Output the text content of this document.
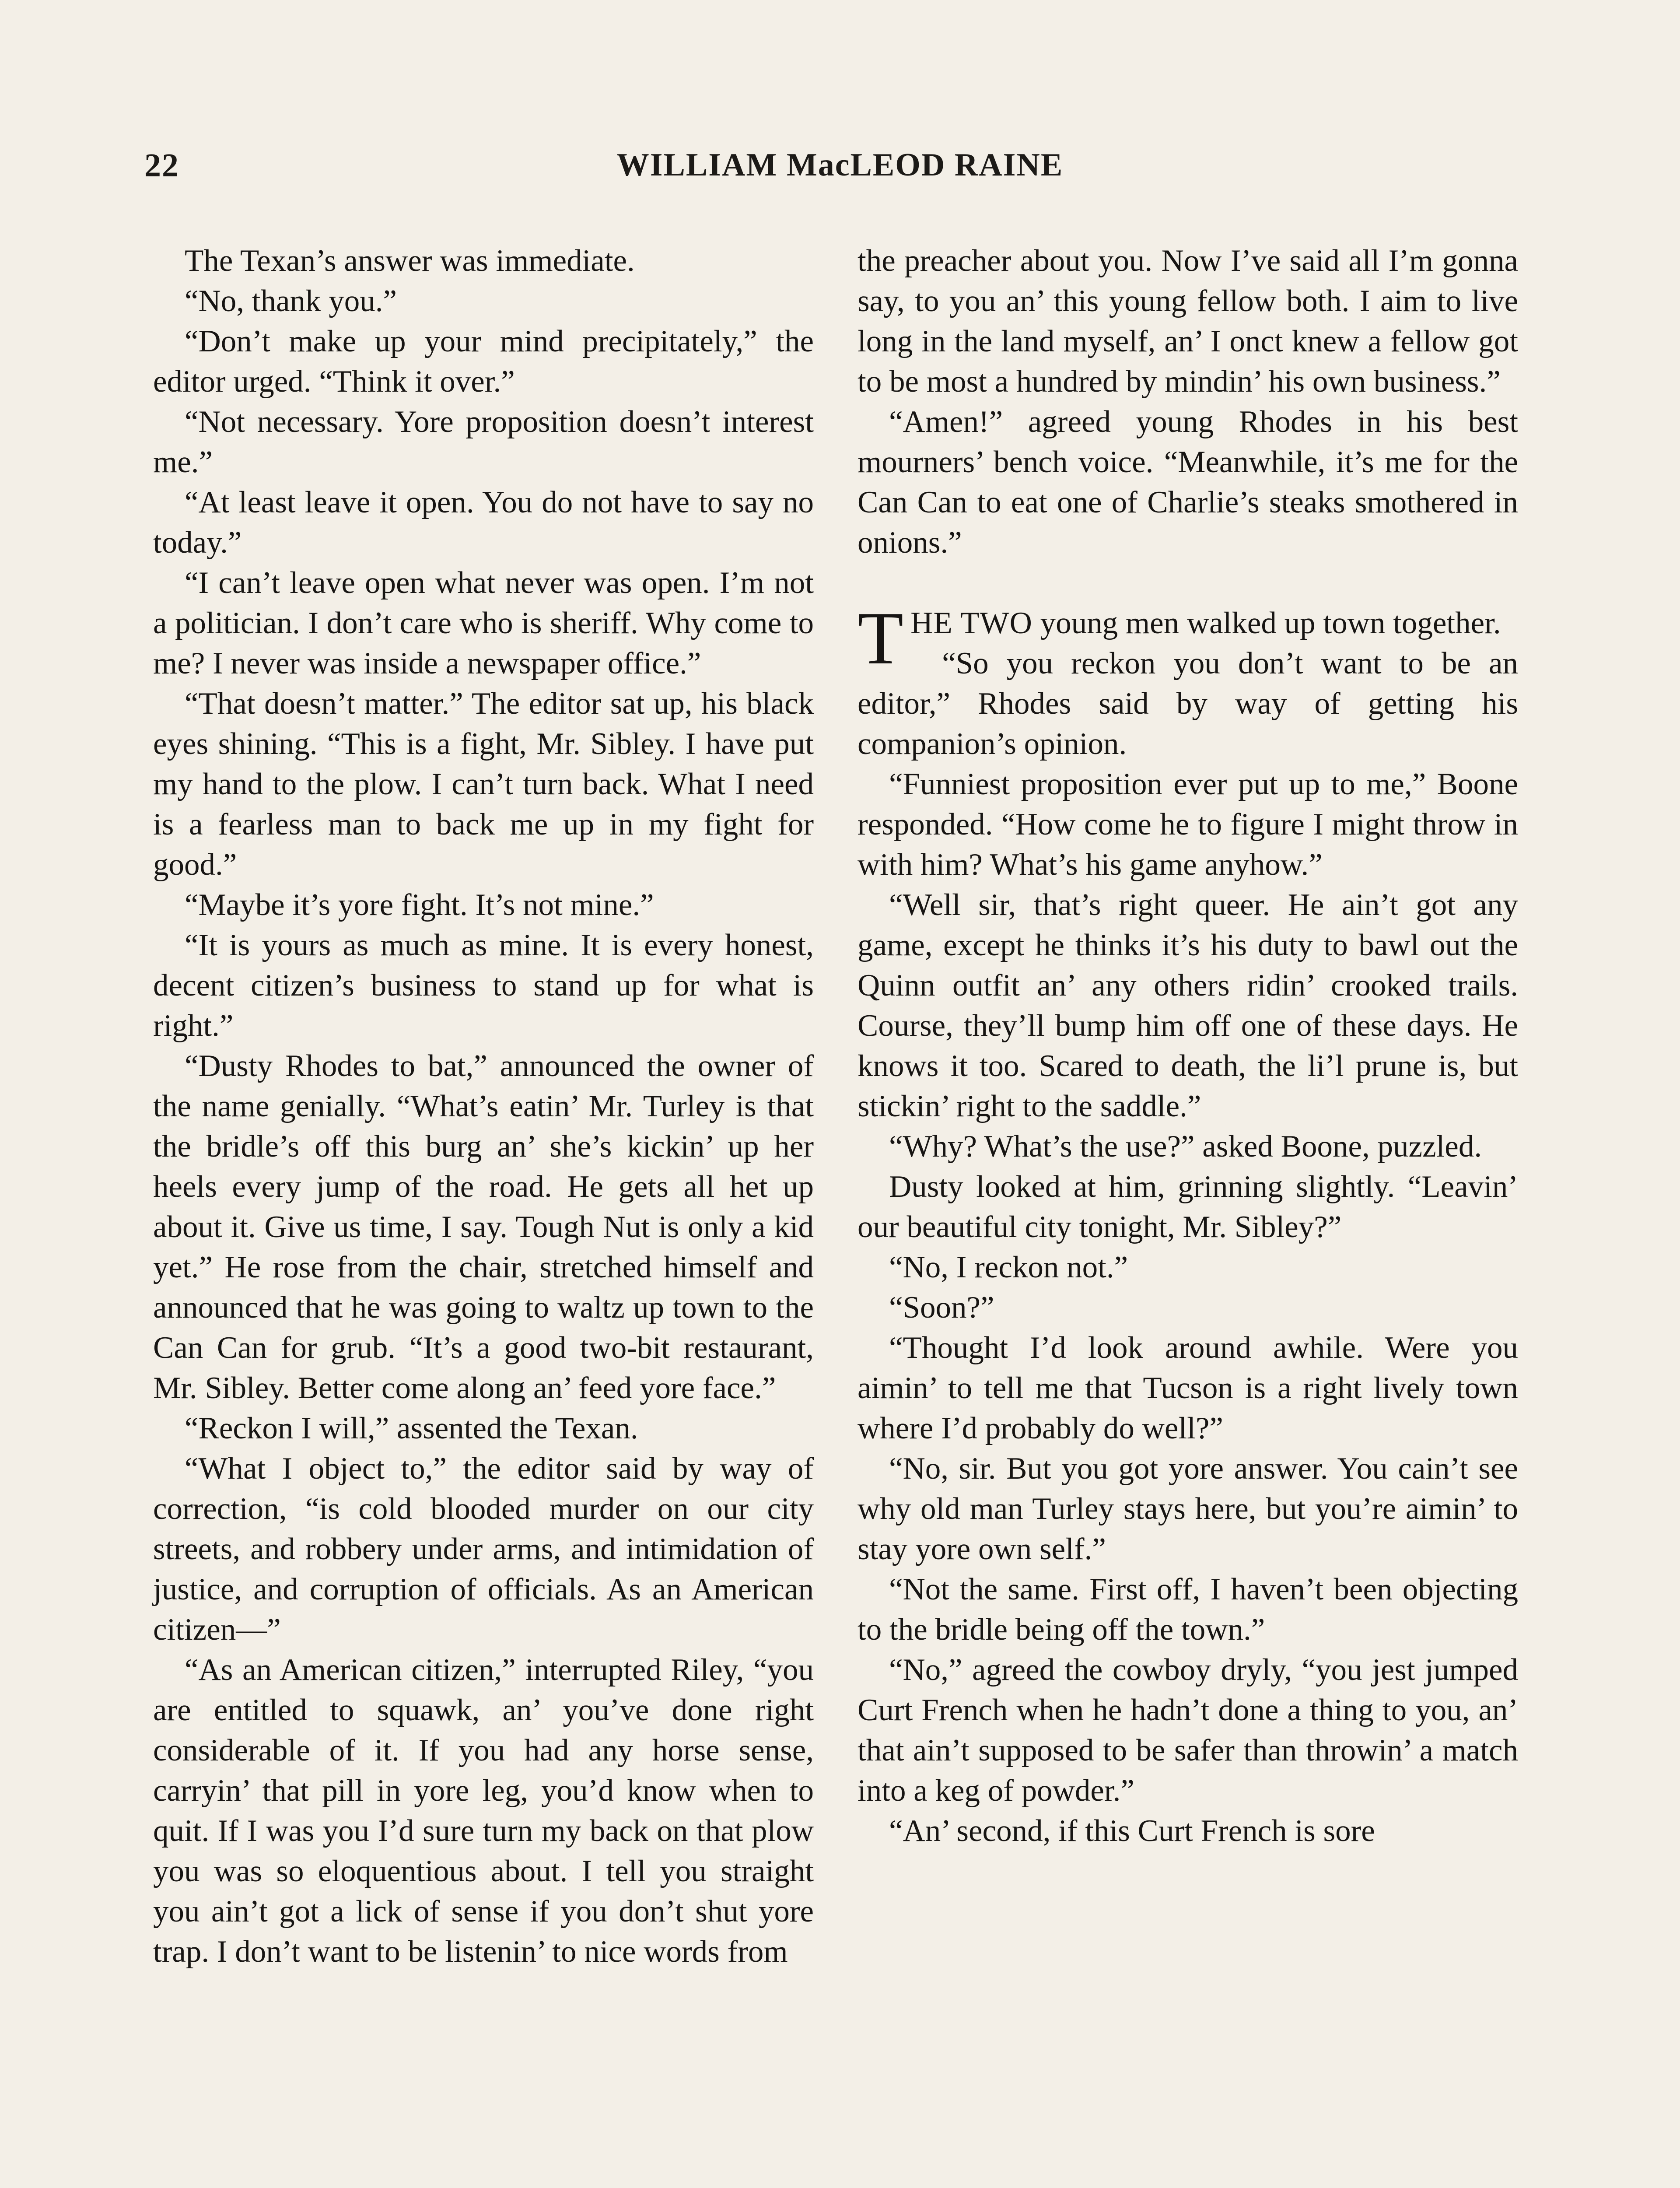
22	WILLIAM MacLEOD RAINE

The Texan’s answer was immediate.

“No, thank you.”

“Don’t make up your mind precipitately,” the editor urged. “Think it over.”

“Not necessary. Yore proposition doesn’t interest me.”

“At least leave it open. You do not have to say no today.”

“I can’t leave open what never was open. I’m not a politician. I don’t care who is sheriff. Why come to me? I never was inside a newspaper office.”

“That doesn’t matter.” The editor sat up, his black eyes shining. “This is a fight, Mr. Sibley. I have put my hand to the plow. I can’t turn back. What I need is a fearless man to back me up in my fight for good.”

“Maybe it’s yore fight. It’s not mine.”

“It is yours as much as mine. It is every honest, decent citizen’s business to stand up for what is right.”

“Dusty Rhodes to bat,” announced the owner of the name genially. “What’s eatin’ Mr. Turley is that the bridle’s off this burg an’ she’s kickin’ up her heels every jump of the road. He gets all het up about it. Give us time, I say. Tough Nut is only a kid yet.” He rose from the chair, stretched himself and announced that he was going to waltz up town to the Can Can for grub. “It’s a good two-bit restaurant, Mr. Sibley. Better come along an’ feed yore face.”

“Reckon I will,” assented the Texan.

“What I object to,” the editor said by way of correction, “is cold blooded murder on our city streets, and robbery under arms, and intimidation of justice, and corruption of officials. As an American citizen—”

“As an American citizen,” interrupted Riley, “you are entitled to squawk, an’ you’ve done right considerable of it. If you had any horse sense, carryin’ that pill in yore leg, you’d know when to quit. If I was you I’d sure turn my back on that plow you was so eloquentious about. I tell you straight you ain’t got a lick of sense if you don’t shut yore trap. I don’t want to be listenin’ to nice words from

the preacher about you. Now I’ve said all I’m gonna say, to you an’ this young fellow both. I aim to live long in the land myself, an’ I onct knew a fellow got to be most a hundred by mindin’ his own business.”

“Amen!” agreed young Rhodes in his best mourners’ bench voice. “Meanwhile, it’s me for the Can Can to eat one of Charlie’s steaks smothered in onions.”

T HE TWO young men walked up town together.

“So you reckon you don’t want to be an editor,” Rhodes said by way of getting his companion’s opinion.

“Funniest proposition ever put up to me,” Boone responded. “How come he to figure I might throw in with him? What’s his game anyhow.”

“Well sir, that’s right queer. He ain’t got any game, except he thinks it’s his duty to bawl out the Quinn outfit an’ any others ridin’ crooked trails. Course, they’ll bump him off one of these days. He knows it too. Scared to death, the li’l prune is, but stickin’ right to the saddle.”

“Why? What’s the use?” asked Boone, puzzled.

Dusty looked at him, grinning slightly. “Leavin’ our beautiful city tonight, Mr. Sibley?”

“No, I reckon not.”

“Soon?”

“Thought I’d look around awhile. Were you aimin’ to tell me that Tucson is a right lively town where I’d probably do well?”

“No, sir. But you got yore answer. You cain’t see why old man Turley stays here, but you’re aimin’ to stay yore own self.”

“Not the same. First off, I haven’t been objecting to the bridle being off the town.”

“No,” agreed the cowboy dryly, “you jest jumped Curt French when he hadn’t done a thing to you, an’ that ain’t supposed to be safer than throwin’ a match into a keg of powder.”

“An’ second, if this Curt French is sore
